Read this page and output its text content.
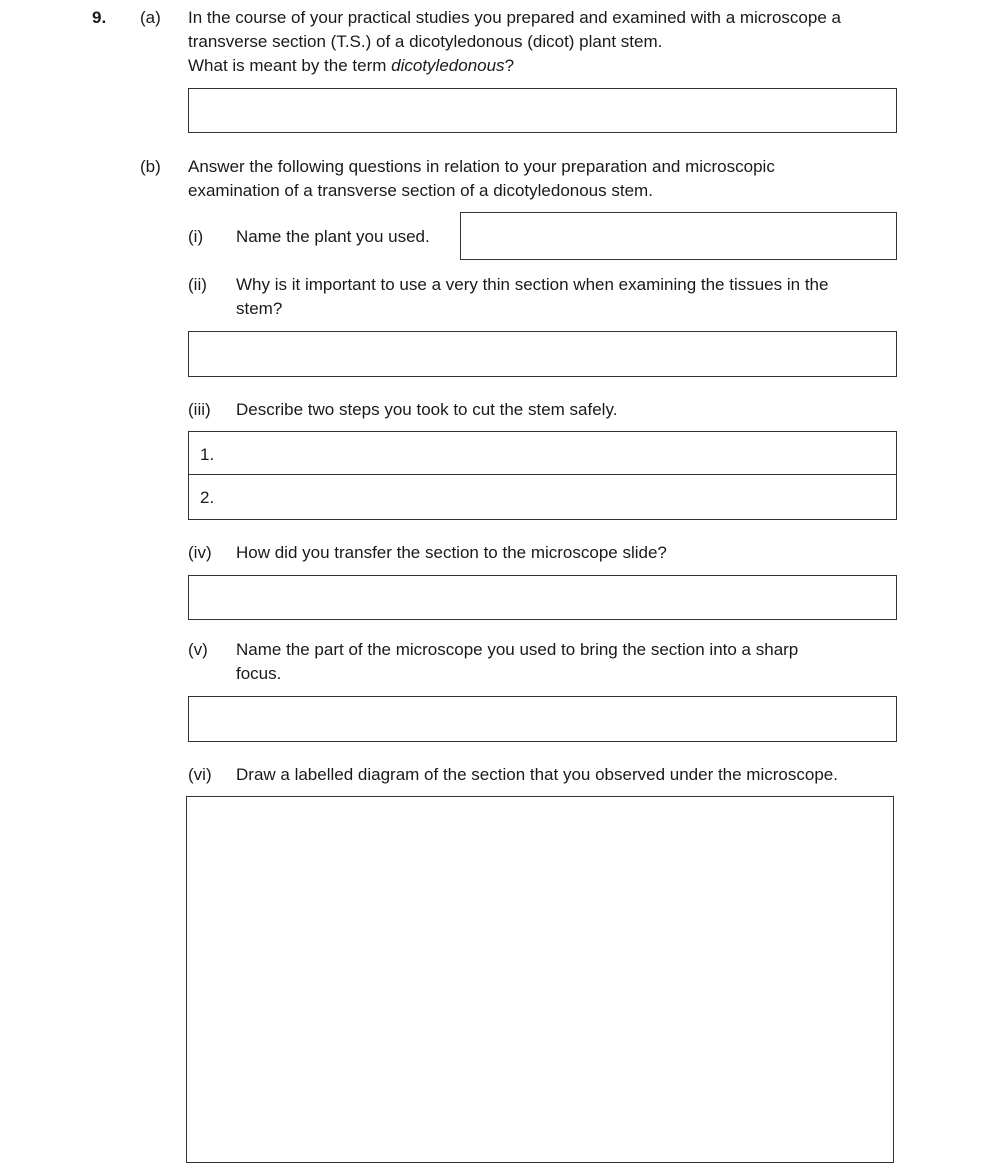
9. (a) In the course of your practical studies you prepared and examined with a microscope a
transverse section (T.S.) of a dicotyledonous (dicot) plant stem.
What is meant by the term dicotyledonous?
(b) Answer the following questions in relation to your preparation and microscopic
examination of a transverse section of a dicotyledonous stem.
(i) Name the plant you used.
(ii) Why is it important to use a very thin section when examining the tissues in the
stem?
(iii) Describe two steps you took to cut the stem safely.
1.
2.
(iv) How did you transfer the section to the microscope slide?
(v) Name the part of the microscope you used to bring the section into a sharp
focus.
(vi) Draw a labelled diagram of the section that you observed under the microscope.
